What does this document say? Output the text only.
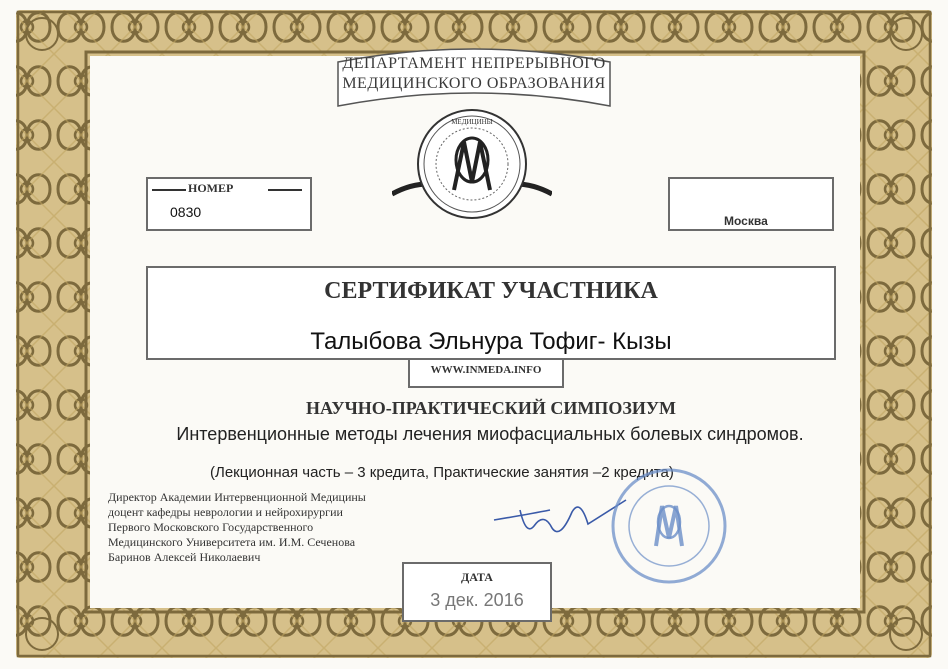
ДЕПАРТАМЕНТ НЕПРЕРЫВНОГО
МЕДИЦИНСКОГО ОБРАЗОВАНИЯ
МЕДИЦИНЫ
НОМЕР
0830
Москва
СЕРТИФИКАТ УЧАСТНИКА
Талыбова Эльнура Тофиг- Кызы
WWW.INMEDA.INFO
НАУЧНО-ПРАКТИЧЕСКИЙ СИМПОЗИУМ
Интервенционные методы лечения миофасциальных болевых синдромов.
(Лекционная часть – 3 кредита, Практические занятия –2 кредита)
Директор Академии Интервенционной Медицины
доцент кафедры неврологии и нейрохирургии
Первого Московского Государственного
Медицинского Университета им. И.М. Сеченова
Баринов Алексей Николаевич
ДАТА
3 дек. 2016
